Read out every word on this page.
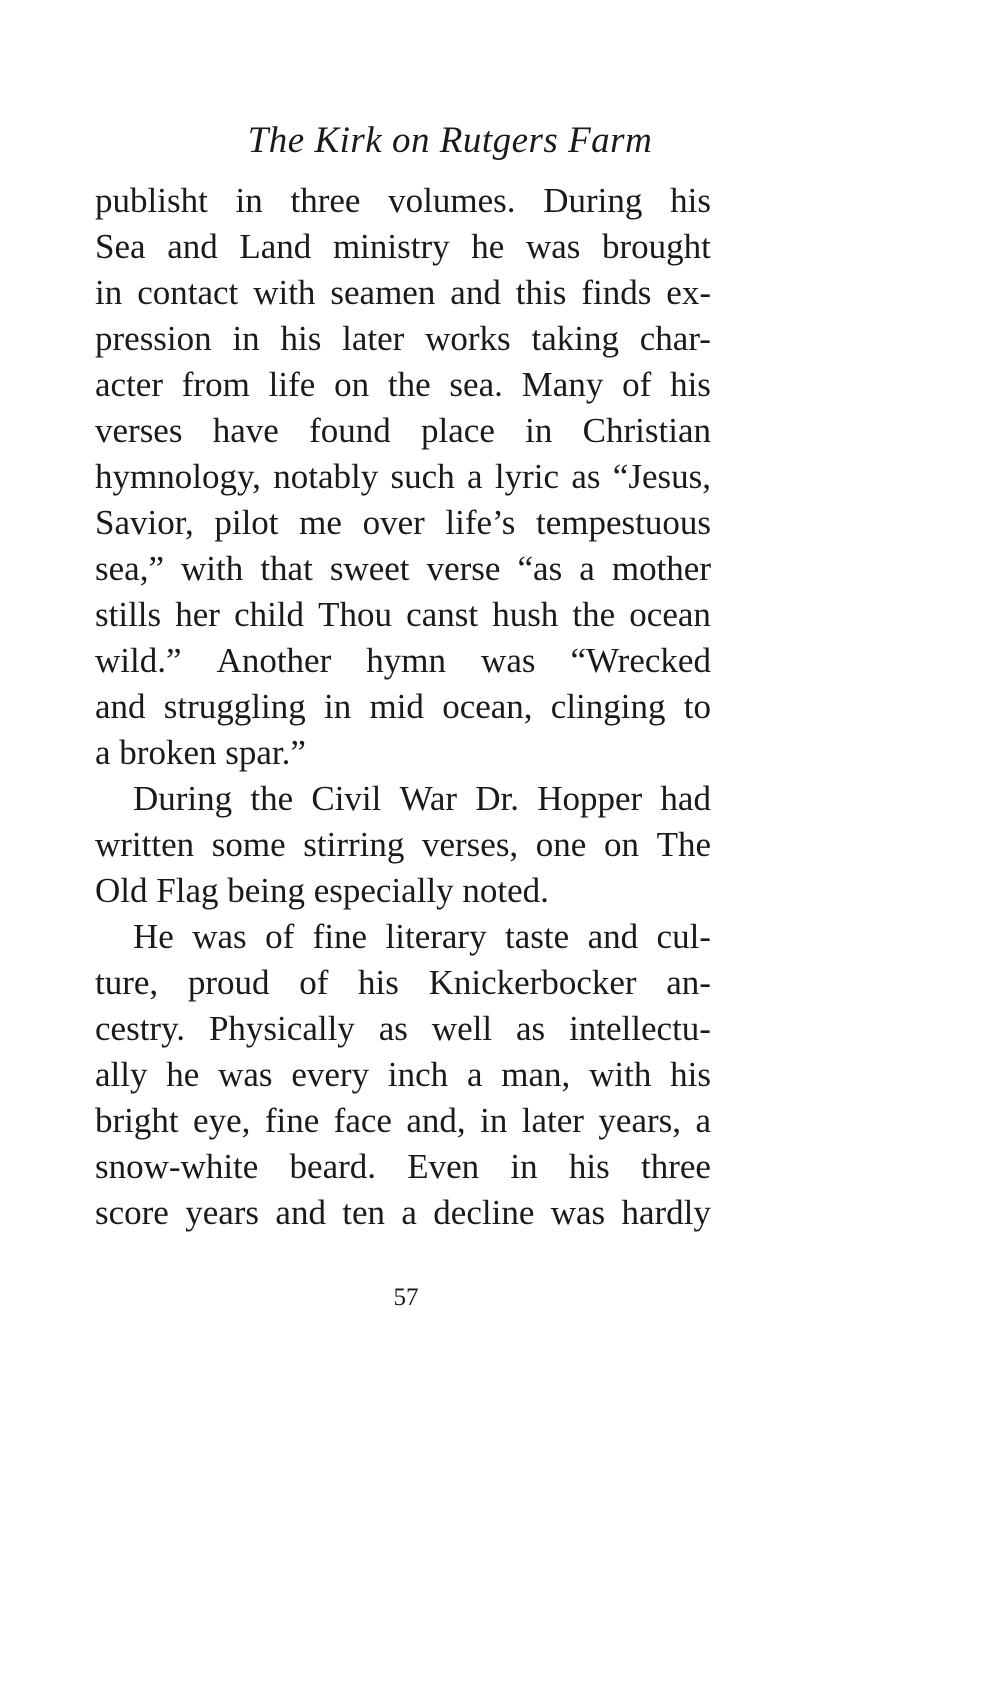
The Kirk on Rutgers Farm
publisht in three volumes. During his
Sea and Land ministry he was brought
in contact with seamen and this finds ex-
pression in his later works taking char-
acter from life on the sea. Many of his
verses have found place in Christian
hymnology, notably such a lyric as “Jesus,
Savior, pilot me over life’s tempestuous
sea,” with that sweet verse “as a mother
stills her child Thou canst hush the ocean
wild.” Another hymn was “Wrecked
and struggling in mid ocean, clinging to
a broken spar.”
During the Civil War Dr. Hopper had
written some stirring verses, one on The
Old Flag being especially noted.
He was of fine literary taste and cul-
ture, proud of his Knickerbocker an-
cestry. Physically as well as intellectu-
ally he was every inch a man, with his
bright eye, fine face and, in later years, a
snow-white beard. Even in his three
score years and ten a decline was hardly
57
